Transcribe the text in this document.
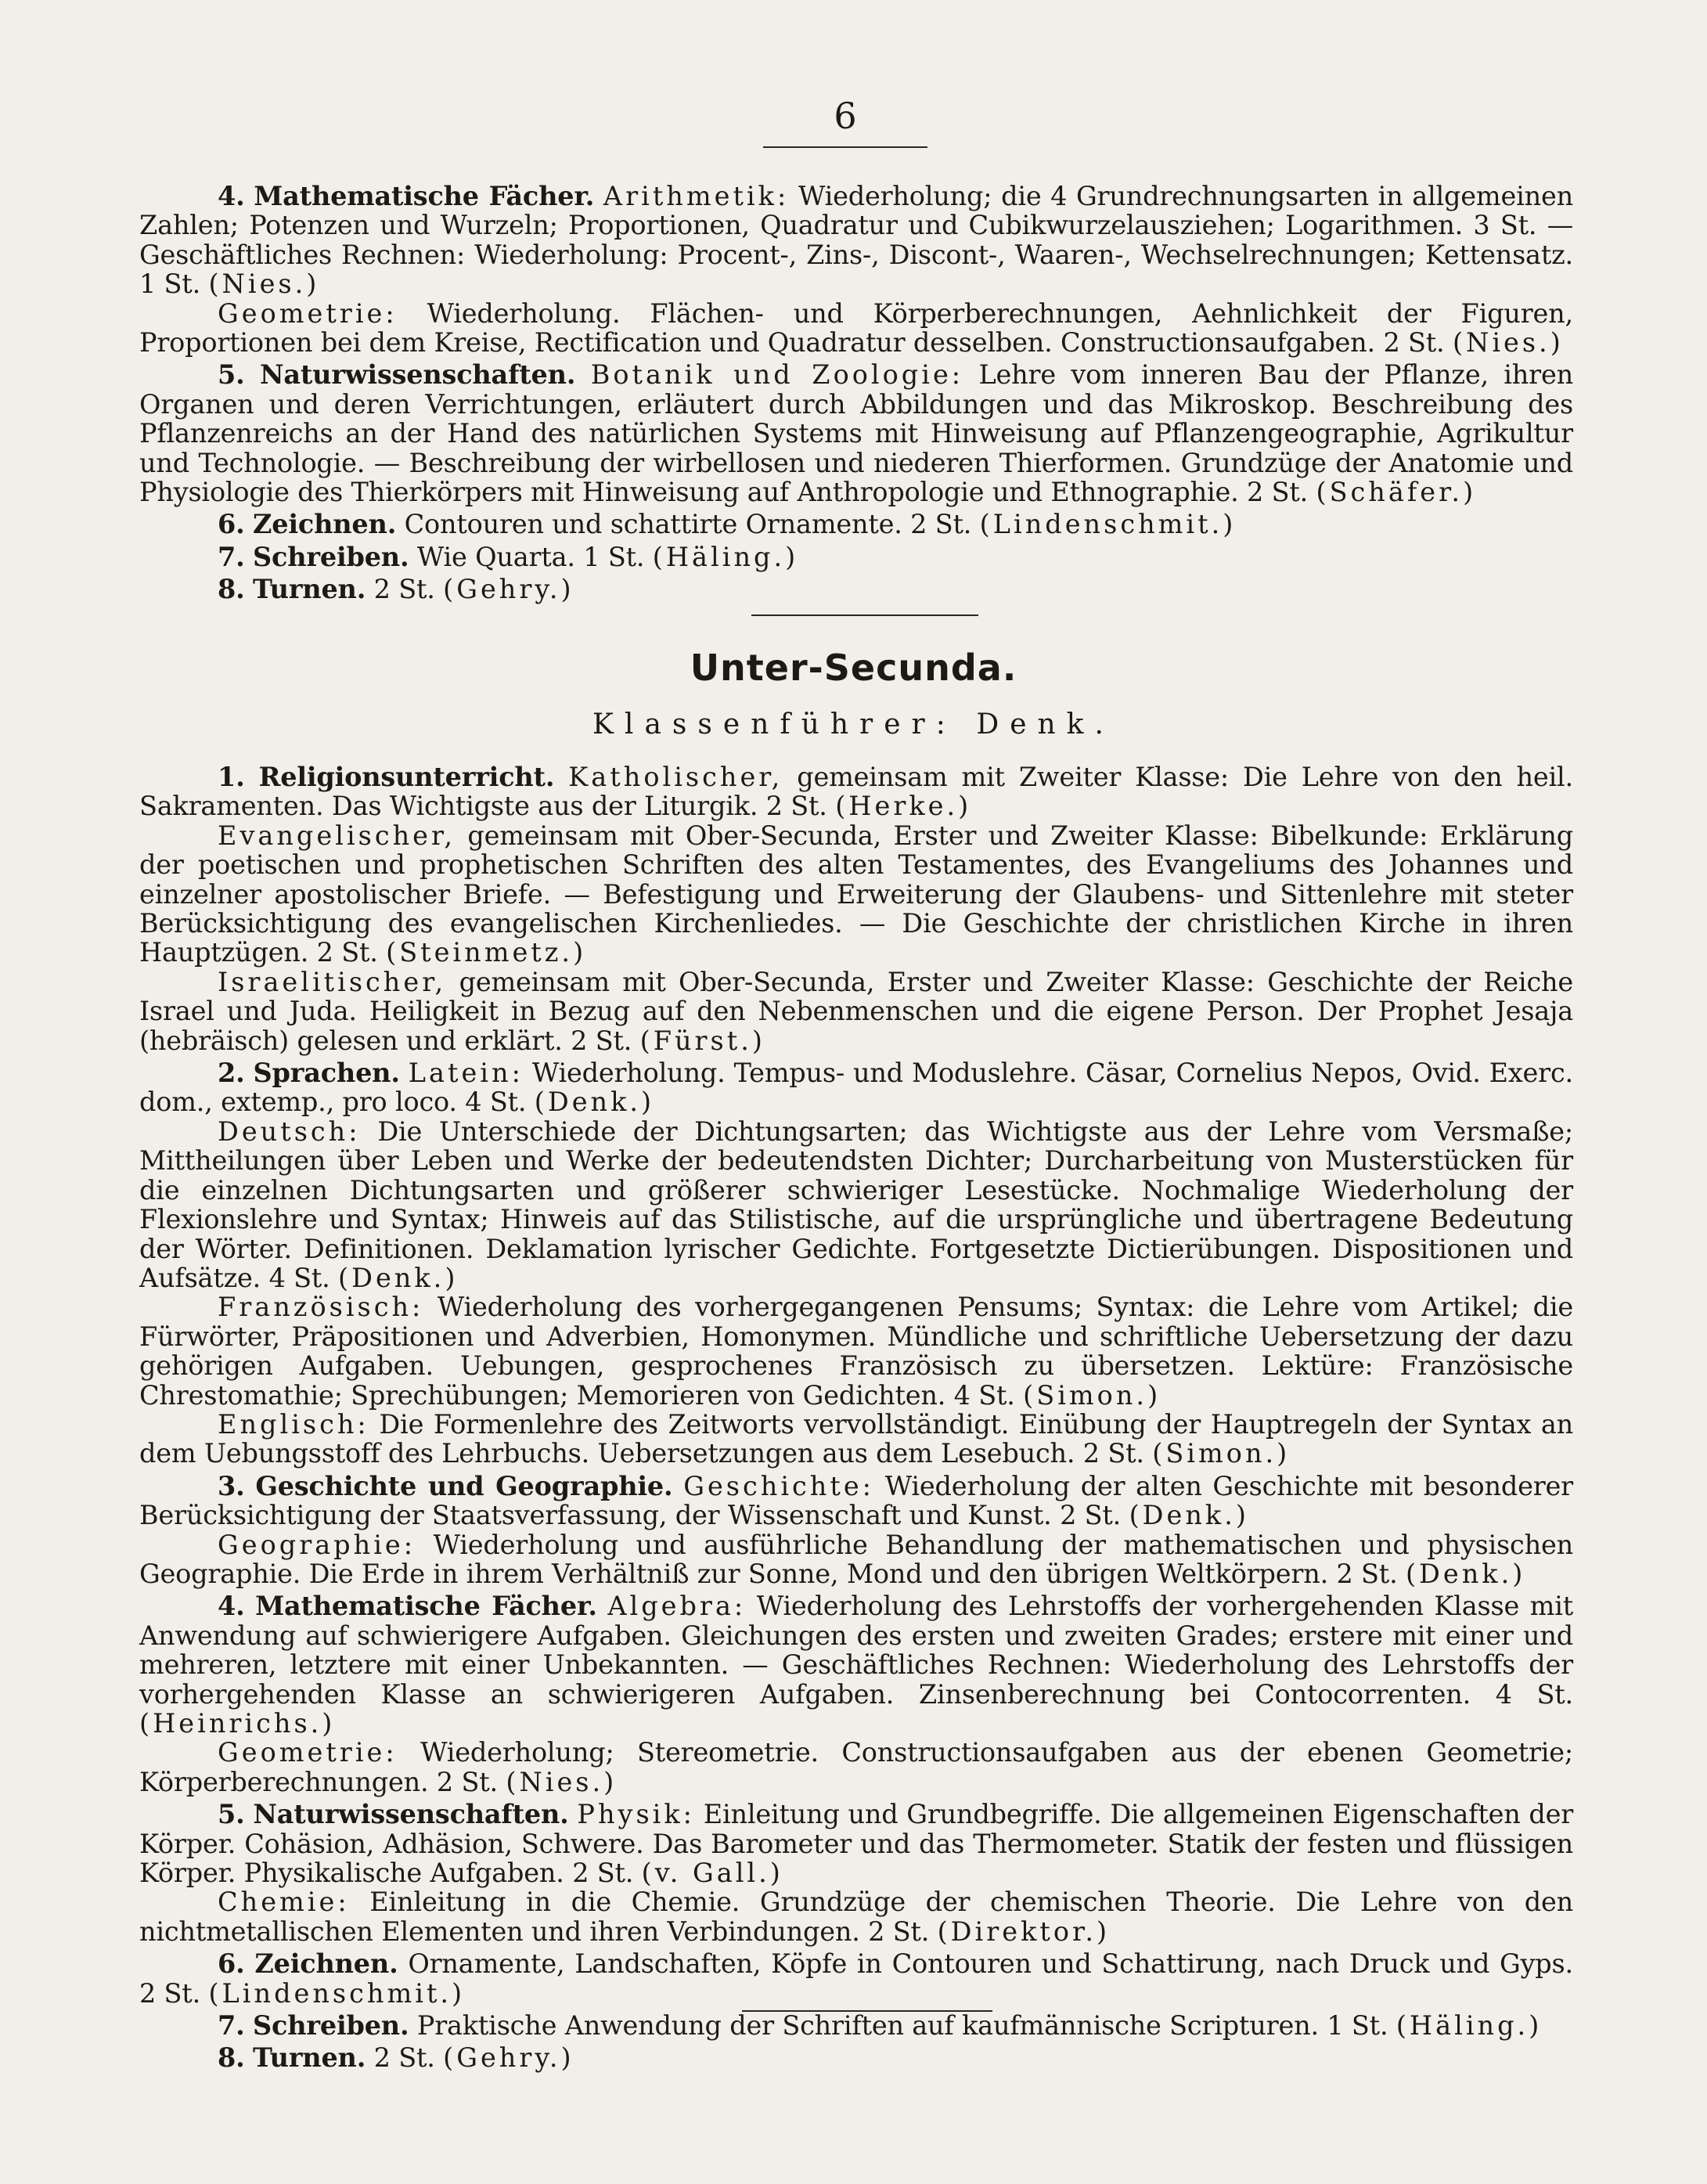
6

4. Mathematische Fächer. Arithmetik: Wiederholung; die 4 Grundrechnungsarten in allgemeinen Zahlen; Potenzen und Wurzeln; Proportionen, Quadratur und Cubikwurzelausziehen; Logarithmen. 3 St. — Geschäftliches Rechnen: Wiederholung: Procent-, Zins-, Discont-, Waaren-, Wechselrechnungen; Kettensatz. 1 St. (Nies.)

Geometrie: Wiederholung. Flächen- und Körperberechnungen, Aehnlichkeit der Figuren, Proportionen bei dem Kreise, Rectification und Quadratur desselben. Constructionsaufgaben. 2 St. (Nies.)

5. Naturwissenschaften. Botanik und Zoologie: Lehre vom inneren Bau der Pflanze, ihren Organen und deren Verrichtungen, erläutert durch Abbildungen und das Mikroskop. Beschreibung des Pflanzenreichs an der Hand des natürlichen Systems mit Hinweisung auf Pflanzengeographie, Agrikultur und Technologie. — Beschreibung der wirbellosen und niederen Thierformen. Grundzüge der Anatomie und Physiologie des Thierkörpers mit Hinweisung auf Anthropologie und Ethnographie. 2 St. (Schäfer.)

6. Zeichnen. Contouren und schattirte Ornamente. 2 St. (Lindenschmit.)

7. Schreiben. Wie Quarta. 1 St. (Häling.)

8. Turnen. 2 St. (Gehry.)

Unter-Secunda.
Klassenführer: Denk.

1. Religionsunterricht. Katholischer, gemeinsam mit Zweiter Klasse: Die Lehre von den heil. Sakramenten. Das Wichtigste aus der Liturgik. 2 St. (Herke.)

Evangelischer, gemeinsam mit Ober-Secunda, Erster und Zweiter Klasse: Bibelkunde: Erklärung der poetischen und prophetischen Schriften des alten Testamentes, des Evangeliums des Johannes und einzelner apostolischer Briefe. — Befestigung und Erweiterung der Glaubens- und Sittenlehre mit steter Berücksichtigung des evangelischen Kirchenliedes. — Die Geschichte der christlichen Kirche in ihren Hauptzügen. 2 St. (Steinmetz.)

Israelitischer, gemeinsam mit Ober-Secunda, Erster und Zweiter Klasse: Geschichte der Reiche Israel und Juda. Heiligkeit in Bezug auf den Nebenmenschen und die eigene Person. Der Prophet Jesaja (hebräisch) gelesen und erklärt. 2 St. (Fürst.)

2. Sprachen. Latein: Wiederholung. Tempus- und Moduslehre. Cäsar, Cornelius Nepos, Ovid. Exerc. dom., extemp., pro loco. 4 St. (Denk.)

Deutsch: Die Unterschiede der Dichtungsarten; das Wichtigste aus der Lehre vom Versmaße; Mittheilungen über Leben und Werke der bedeutendsten Dichter; Durcharbeitung von Musterstücken für die einzelnen Dichtungsarten und größerer schwieriger Lesestücke. Nochmalige Wiederholung der Flexionslehre und Syntax; Hinweis auf das Stilistische, auf die ursprüngliche und übertragene Bedeutung der Wörter. Definitionen. Deklamation lyrischer Gedichte. Fortgesetzte Dictierübungen. Dispositionen und Aufsätze. 4 St. (Denk.)

Französisch: Wiederholung des vorhergegangenen Pensums; Syntax: die Lehre vom Artikel; die Fürwörter, Präpositionen und Adverbien, Homonymen. Mündliche und schriftliche Uebersetzung der dazu gehörigen Aufgaben. Uebungen, gesprochenes Französisch zu übersetzen. Lektüre: Französische Chrestomathie; Sprechübungen; Memorieren von Gedichten. 4 St. (Simon.)

Englisch: Die Formenlehre des Zeitworts vervollständigt. Einübung der Hauptregeln der Syntax an dem Uebungsstoff des Lehrbuchs. Uebersetzungen aus dem Lesebuch. 2 St. (Simon.)

3. Geschichte und Geographie. Geschichte: Wiederholung der alten Geschichte mit besonderer Berücksichtigung der Staatsverfassung, der Wissenschaft und Kunst. 2 St. (Denk.)

Geographie: Wiederholung und ausführliche Behandlung der mathematischen und physischen Geographie. Die Erde in ihrem Verhältniß zur Sonne, Mond und den übrigen Weltkörpern. 2 St. (Denk.)

4. Mathematische Fächer. Algebra: Wiederholung des Lehrstoffs der vorhergehenden Klasse mit Anwendung auf schwierigere Aufgaben. Gleichungen des ersten und zweiten Grades; erstere mit einer und mehreren, letztere mit einer Unbekannten. — Geschäftliches Rechnen: Wiederholung des Lehrstoffs der vorhergehenden Klasse an schwierigeren Aufgaben. Zinsenberechnung bei Contocorrenten. 4 St. (Heinrichs.)

Geometrie: Wiederholung; Stereometrie. Constructionsaufgaben aus der ebenen Geometrie; Körperberechnungen. 2 St. (Nies.)

5. Naturwissenschaften. Physik: Einleitung und Grundbegriffe. Die allgemeinen Eigenschaften der Körper. Cohäsion, Adhäsion, Schwere. Das Barometer und das Thermometer. Statik der festen und flüssigen Körper. Physikalische Aufgaben. 2 St. (v. Gall.)

Chemie: Einleitung in die Chemie. Grundzüge der chemischen Theorie. Die Lehre von den nichtmetallischen Elementen und ihren Verbindungen. 2 St. (Direktor.)

6. Zeichnen. Ornamente, Landschaften, Köpfe in Contouren und Schattirung, nach Druck und Gyps. 2 St. (Lindenschmit.)

7. Schreiben. Praktische Anwendung der Schriften auf kaufmännische Scripturen. 1 St. (Häling.)

8. Turnen. 2 St. (Gehry.)
